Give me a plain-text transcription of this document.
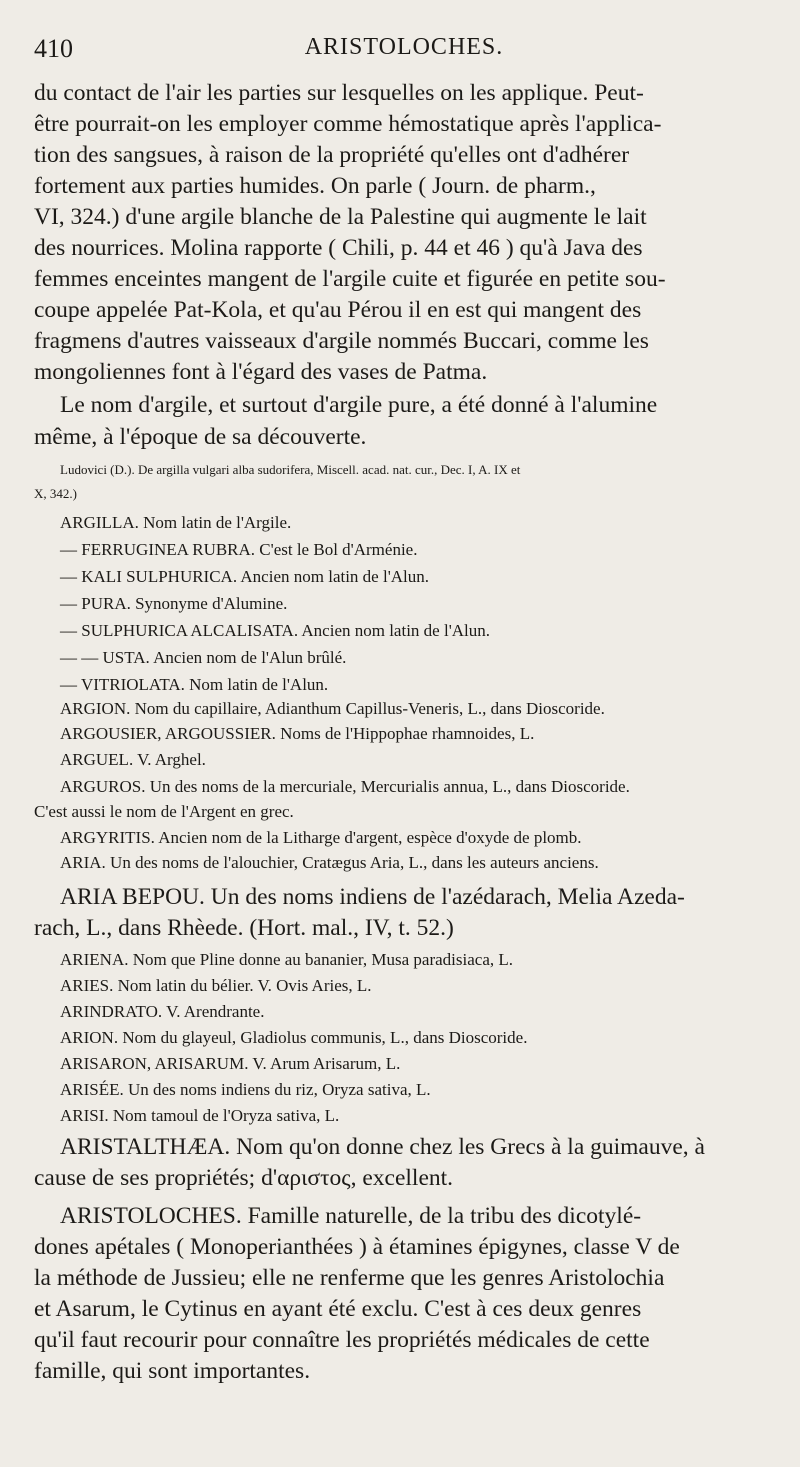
410	ARISTOLOCHES.
du contact de l'air les parties sur lesquelles on les applique. Peut-
être pourrait-on les employer comme hémostatique après l'applica-
tion des sangsues, à raison de la propriété qu'elles ont d'adhérer
fortement aux parties humides. On parle ( Journ. de pharm.,
VI, 324.) d'une argile blanche de la Palestine qui augmente le lait
des nourrices. Molina rapporte ( Chili, p. 44 et 46 ) qu'à Java des
femmes enceintes mangent de l'argile cuite et figurée en petite sou-
coupe appelée Pat-Kola, et qu'au Pérou il en est qui mangent des
fragmens d'autres vaisseaux d'argile nommés Buccari, comme les
mongoliennes font à l'égard des vases de Patma.
Le nom d'argile, et surtout d'argile pure, a été donné à l'alumine
même, à l'époque de sa découverte.
Ludovici (D.). De argilla vulgari alba sudorifera, Miscell. acad. nat. cur., Dec. I, A. IX et
X, 342.)
ARGILLA. Nom latin de l'Argile.
— FERRUGINEA RUBRA. C'est le Bol d'Arménie.
— KALI SULPHURICA. Ancien nom latin de l'Alun.
— PURA. Synonyme d'Alumine.
— SULPHURICA ALCALISATA. Ancien nom latin de l'Alun.
— — USTA. Ancien nom de l'Alun brûlé.
— VITRIOLATA. Nom latin de l'Alun.
ARGION. Nom du capillaire, Adianthum Capillus-Veneris, L., dans Dioscoride.
ARGOUSIER, ARGOUSSIER. Noms de l'Hippophae rhamnoides, L.
ARGUEL. V. Arghel.
ARGUROS. Un des noms de la mercuriale, Mercurialis annua, L., dans Dioscoride.
C'est aussi le nom de l'Argent en grec.
ARGYRITIS. Ancien nom de la Litharge d'argent, espèce d'oxyde de plomb.
ARIA. Un des noms de l'alouchier, Cratægus Aria, L., dans les auteurs anciens.
ARIA BEPOU. Un des noms indiens de l'azédarach, Melia Azeda-
rach, L., dans Rhèede. (Hort. mal., IV, t. 52.)
ARIENA. Nom que Pline donne au bananier, Musa paradisiaca, L.
ARIES. Nom latin du bélier. V. Ovis Aries, L.
ARINDRATO. V. Arendrante.
ARION. Nom du glayeul, Gladiolus communis, L., dans Dioscoride.
ARISARON, ARISARUM. V. Arum Arisarum, L.
ARISÉE. Un des noms indiens du riz, Oryza sativa, L.
ARISI. Nom tamoul de l'Oryza sativa, L.
ARISTALTHÆA. Nom qu'on donne chez les Grecs à la guimauve, à
cause de ses propriétés; d'αριστος, excellent.
ARISTOLOCHES. Famille naturelle, de la tribu des dicotylé-
dones apétales ( Monoperianthées ) à étamines épigynes, classe V de
la méthode de Jussieu; elle ne renferme que les genres Aristolochia
et Asarum, le Cytinus en ayant été exclu. C'est à ces deux genres
qu'il faut recourir pour connaître les propriétés médicales de cette
famille, qui sont importantes.
